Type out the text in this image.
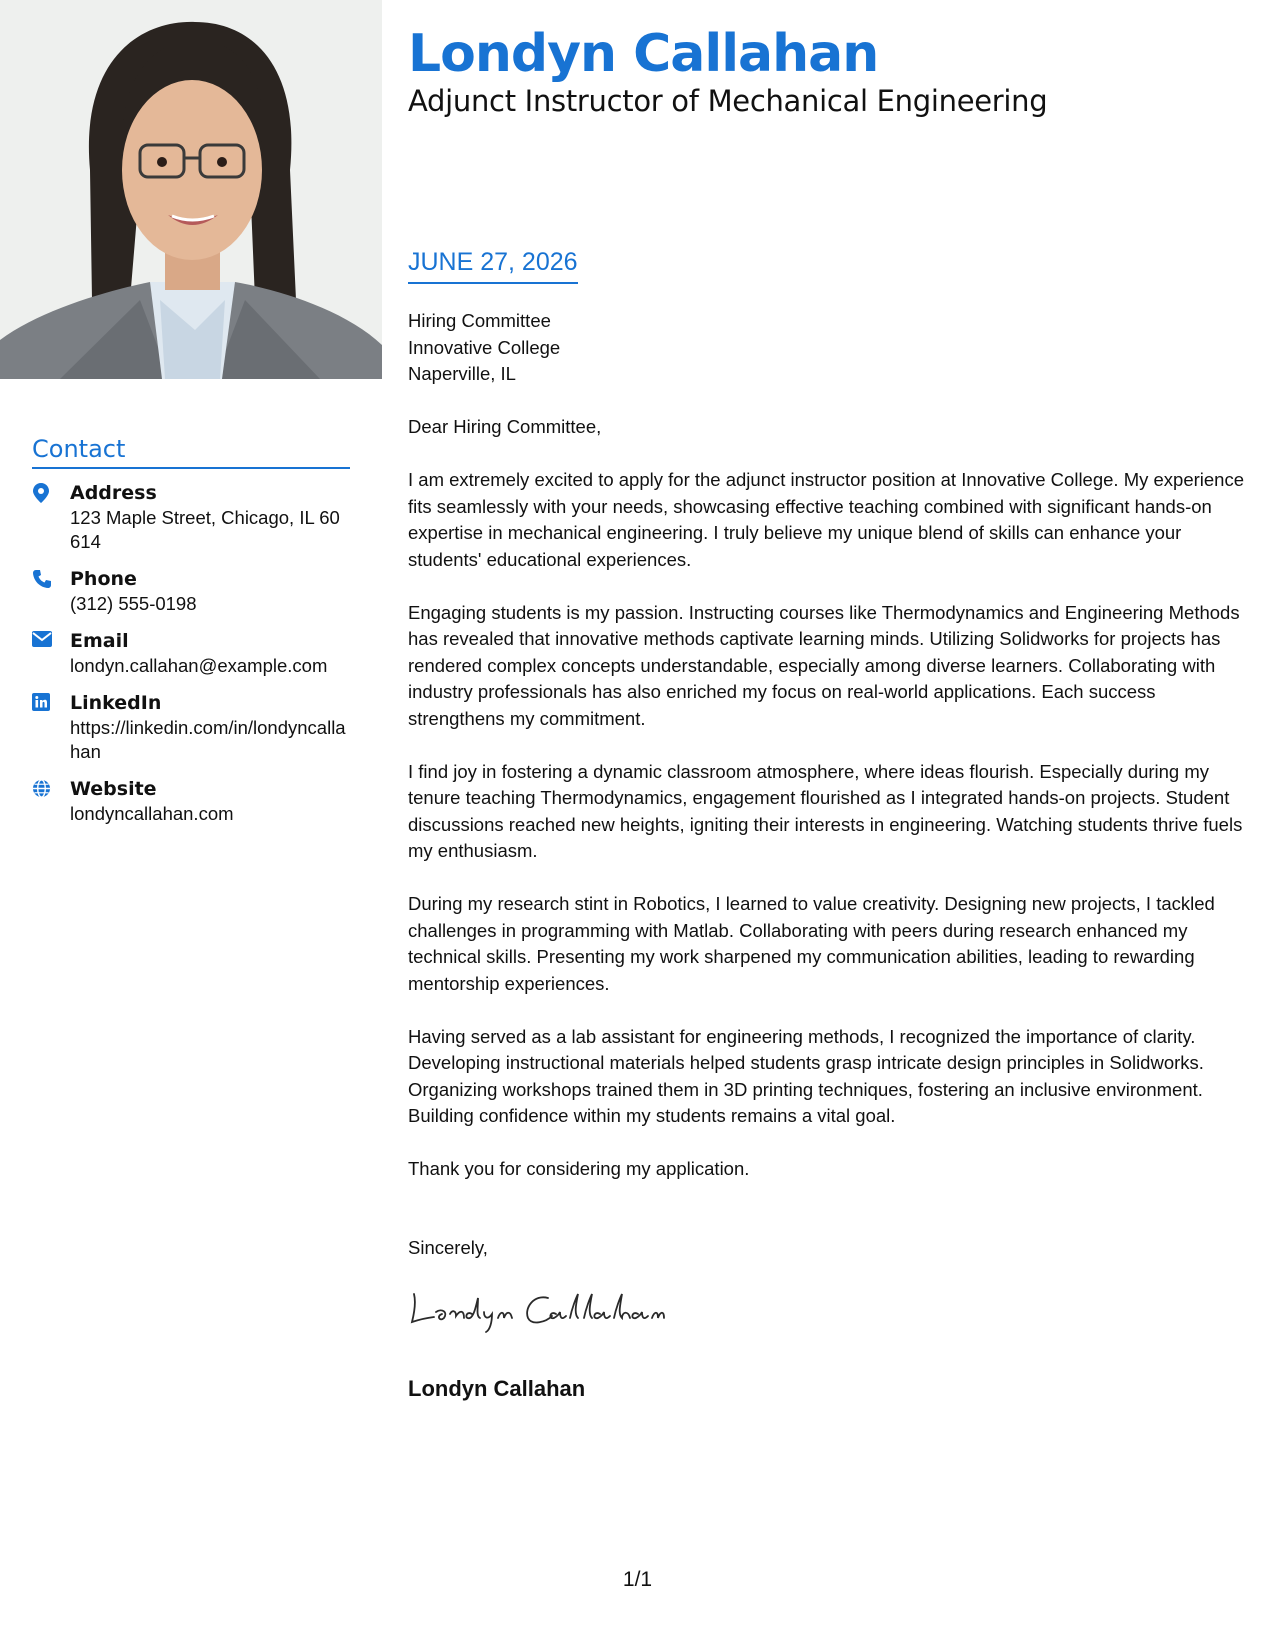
Contact
Address
123 Maple Street, Chicago, IL 60614
Phone
(312) 555-0198
Email
londyn.callahan@example.com
LinkedIn
https://linkedin.com/in/londyncallahan
Website
londyncallahan.com
Londyn Callahan
Adjunct Instructor of Mechanical Engineering
JUNE 27, 2026
Hiring Committee
Innovative College
Naperville, IL

Dear Hiring Committee,

I am extremely excited to apply for the adjunct instructor position at Innovative College. My experience fits seamlessly with your needs, showcasing effective teaching combined with significant hands-on expertise in mechanical engineering. I truly believe my unique blend of skills can enhance your students' educational experiences.

Engaging students is my passion. Instructing courses like Thermodynamics and Engineering Methods has revealed that innovative methods captivate learning minds. Utilizing Solidworks for projects has rendered complex concepts understandable, especially among diverse learners. Collaborating with industry professionals has also enriched my focus on real-world applications. Each success strengthens my commitment.

I find joy in fostering a dynamic classroom atmosphere, where ideas flourish. Especially during my tenure teaching Thermodynamics, engagement flourished as I integrated hands-on projects. Student discussions reached new heights, igniting their interests in engineering. Watching students thrive fuels my enthusiasm.

During my research stint in Robotics, I learned to value creativity. Designing new projects, I tackled challenges in programming with Matlab. Collaborating with peers during research enhanced my technical skills. Presenting my work sharpened my communication abilities, leading to rewarding mentorship experiences.

Having served as a lab assistant for engineering methods, I recognized the importance of clarity. Developing instructional materials helped students grasp intricate design principles in Solidworks. Organizing workshops trained them in 3D printing techniques, fostering an inclusive environment. Building confidence within my students remains a vital goal.

Thank you for considering my application.

Sincerely,

Londyn Callahan
1/1
